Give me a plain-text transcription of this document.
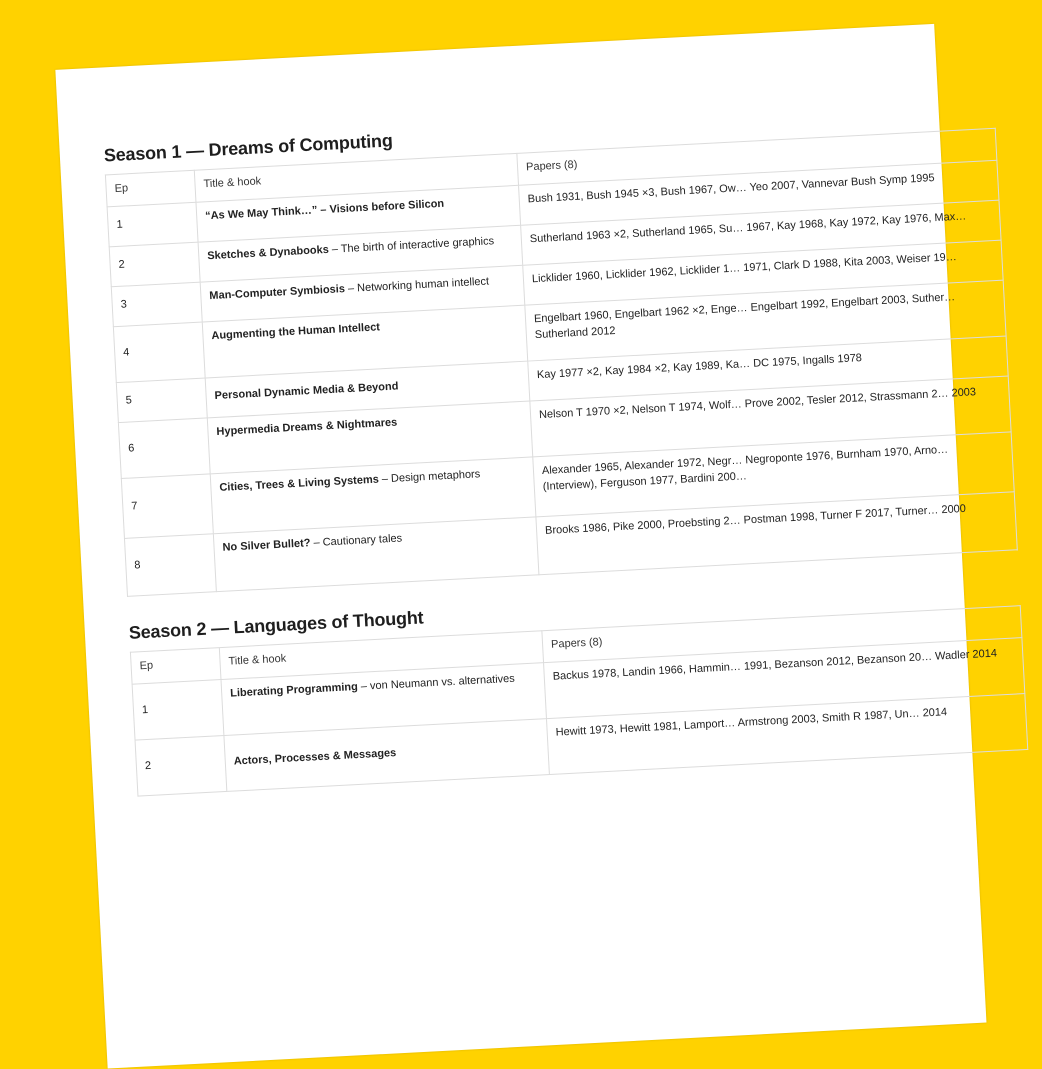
Season 1 — Dreams of Computing
Ep	Title & hook	Papers (8)
1	“As We May Think…” – Visions before Silicon	Bush 1931, Bush 1945 ×3, Bush 1967, Ow… Yeo 2007, Vannevar Bush Symp 1995
2	Sketches & Dynabooks – The birth of interactive graphics	Sutherland 1963 ×2, Sutherland 1965, Su… 1967, Kay 1968, Kay 1972, Kay 1976, Max…
3	Man-Computer Symbiosis – Networking human intellect	Licklider 1960, Licklider 1962, Licklider 1… 1971, Clark D 1988, Kita 2003, Weiser 19…
4	Augmenting the Human Intellect	Engelbart 1960, Engelbart 1962 ×2, Enge… Engelbart 1992, Engelbart 2003, Suther… Sutherland 2012
5	Personal Dynamic Media & Beyond	Kay 1977 ×2, Kay 1984 ×2, Kay 1989, Ka… DC 1975, Ingalls 1978
6	Hypermedia Dreams & Nightmares	Nelson T 1970 ×2, Nelson T 1974, Wolf… Prove 2002, Tesler 2012, Strassmann 2… 2003
7	Cities, Trees & Living Systems – Design metaphors	Alexander 1965, Alexander 1972, Negr… Negroponte 1976, Burnham 1970, Arno… (Interview), Ferguson 1977, Bardini 200…
8	No Silver Bullet? – Cautionary tales	Brooks 1986, Pike 2000, Proebsting 2… Postman 1998, Turner F 2017, Turner… 2000
Season 2 — Languages of Thought
Ep	Title & hook	Papers (8)
1	Liberating Programming – von Neumann vs. alternatives	Backus 1978, Landin 1966, Hammin… 1991, Bezanson 2012, Bezanson 20… Wadler 2014
2	Actors, Processes & Messages	Hewitt 1973, Hewitt 1981, Lamport… Armstrong 2003, Smith R 1987, Un… 2014
